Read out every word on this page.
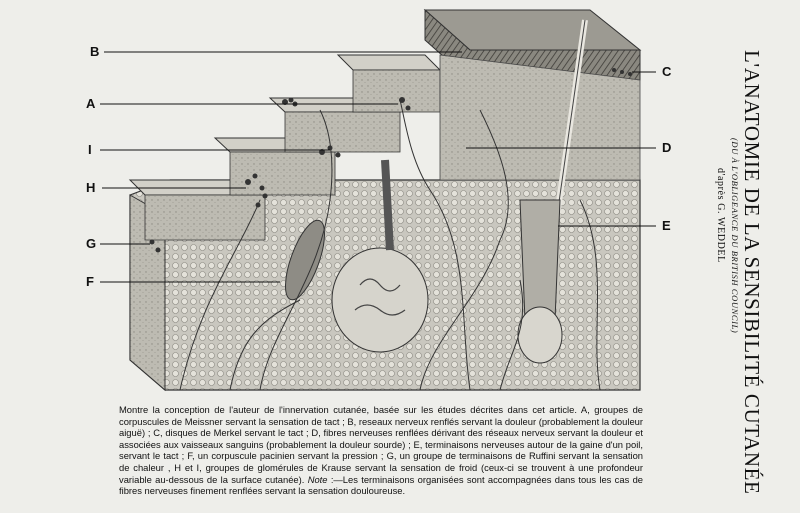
B
A
I
H
G
F
C
D
E	L'ANATOMIE DE LA SENSIBILITÉ CUTANÉE
(DU À L'OBLIGEANCE DU BRITISH COUNCIL)
d'après G. WEDDEL

Montre la conception de l'auteur de l'innervation cutanée, basée sur les études décrites dans cet article. A, groupes de corpuscules de Meissner servant la sensation de tact ; B, reseaux nerveux renflés servant la douleur (probablement la douleur aiguë) ; C, disques de Merkel servant le tact ; D, fibres nerveuses renflées dérivant des réseaux nerveux servant la douleur et associées aux vaisseaux sanguins (probablement la douleur sourde) ; E, terminaisons nerveuses autour de la gaine d'un poil, servant le tact ; F, un corpuscule pacinien servant la pression ; G, un groupe de terminaisons de Ruffini servant la sensation de chaleur , H et I, groupes de glomérules de Krause servant la sensation de froid (ceux-ci se trouvent à une profondeur variable au-dessous de la surface cutanée). Note :—Les terminaisons organisées sont accompagnées dans tous les cas de fibres nerveuses finement renflées servant la sensation douloureuse.
